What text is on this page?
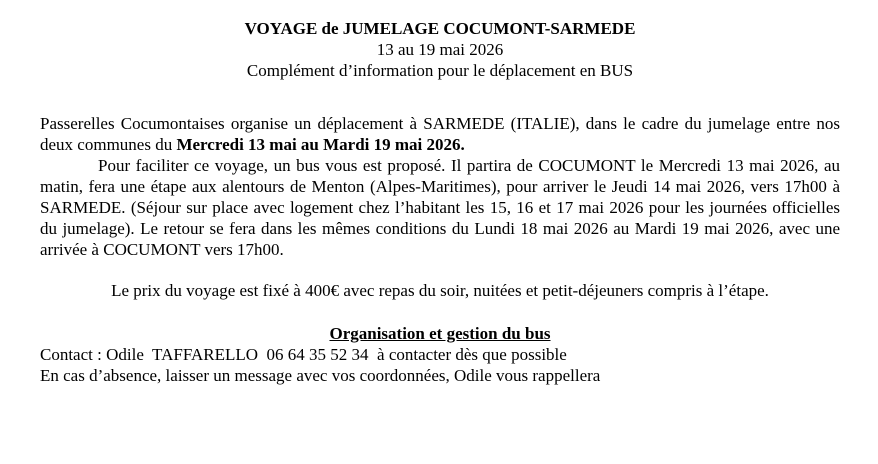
VOYAGE de JUMELAGE COCUMONT-SARMEDE
13 au 19 mai 2026
Complément d’information pour le déplacement en BUS
Passerelles Cocumontaises organise un déplacement à SARMEDE (ITALIE), dans le cadre du jumelage entre nos deux communes du Mercredi 13 mai au Mardi 19 mai 2026.
Pour faciliter ce voyage, un bus vous est proposé. Il partira de COCUMONT le Mercredi 13 mai 2026, au matin, fera une étape aux alentours de Menton (Alpes-Maritimes), pour arriver le Jeudi 14 mai 2026, vers 17h00 à SARMEDE. (Séjour sur place avec logement chez l’habitant les 15, 16 et 17 mai 2026 pour les journées officielles du jumelage). Le retour se fera dans les mêmes conditions du Lundi 18 mai 2026 au Mardi 19 mai 2026, avec une arrivée à COCUMONT vers 17h00.
Le prix du voyage est fixé à 400€ avec repas du soir, nuitées et petit-déjeuners compris à l’étape.
Organisation et gestion du bus
Contact : Odile  TAFFARELLO  06 64 35 52 34  à contacter dès que possible
En cas d’absence, laisser un message avec vos coordonnées, Odile vous rappellera
